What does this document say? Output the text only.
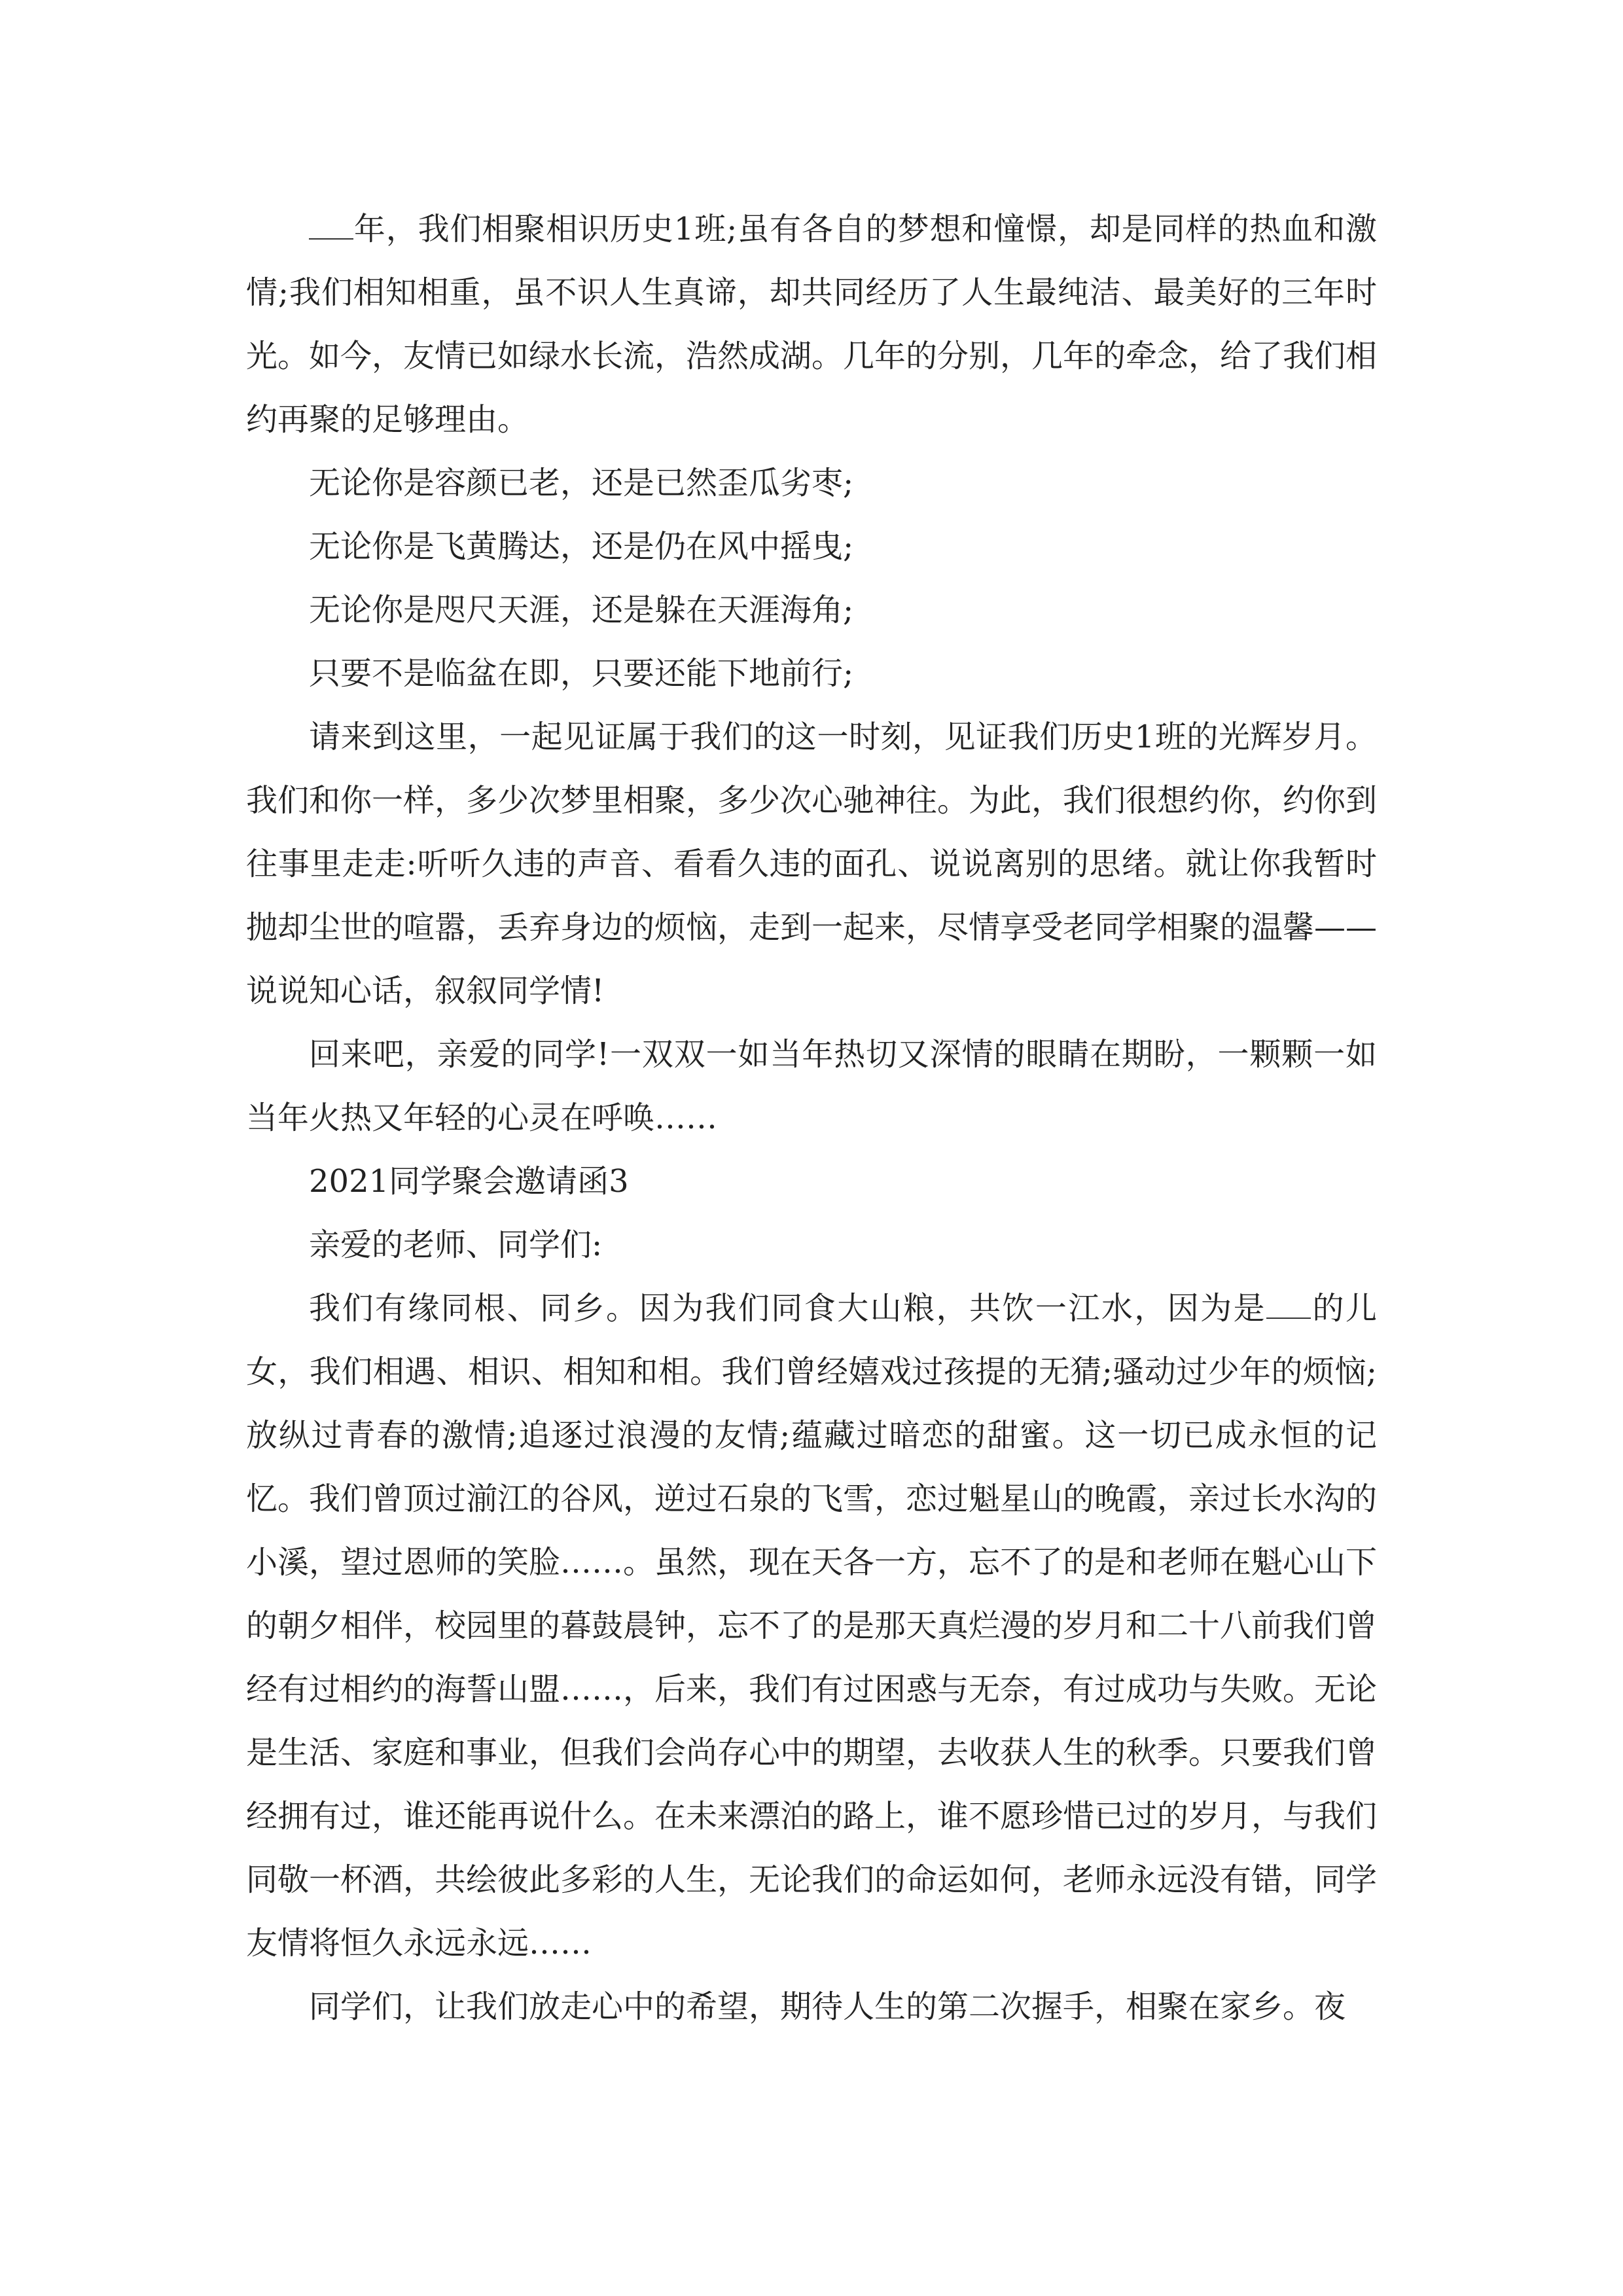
年，我们相聚相识历史1班;虽有各自的梦想和憧憬，却是同样的热血和激情;我们相知相重，虽不识人生真谛，却共同经历了人生最纯洁、最美好的三年时光。如今，友情已如绿水长流，浩然成湖。几年的分别，几年的牵念，给了我们相约再聚的足够理由。

无论你是容颜已老，还是已然歪瓜劣枣;

无论你是飞黄腾达，还是仍在风中摇曳;

无论你是咫尺天涯，还是躲在天涯海角;

只要不是临盆在即，只要还能下地前行;

请来到这里，一起见证属于我们的这一时刻，见证我们历史1班的光辉岁月。我们和你一样，多少次梦里相聚，多少次心驰神往。为此，我们很想约你，约你到往事里走走:听听久违的声音、看看久违的面孔、说说离别的思绪。就让你我暂时抛却尘世的喧嚣，丢弃身边的烦恼，走到一起来，尽情享受老同学相聚的温馨——说说知心话，叙叙同学情!

回来吧，亲爱的同学!一双双一如当年热切又深情的眼睛在期盼，一颗颗一如当年火热又年轻的心灵在呼唤……

2021同学聚会邀请函3

亲爱的老师、同学们:

我们有缘同根、同乡。因为我们同食大山粮，共饮一江水，因为是 的儿女，我们相遇、相识、相知和相。我们曾经嬉戏过孩提的无猜;骚动过少年的烦恼;放纵过青春的激情;追逐过浪漫的友情;蕴藏过暗恋的甜蜜。这一切已成永恒的记忆。我们曾顶过湔江的谷风，逆过石泉的飞雪，恋过魁星山的晚霞，亲过长水沟的小溪，望过恩师的笑脸……。虽然，现在天各一方，忘不了的是和老师在魁心山下的朝夕相伴，校园里的暮鼓晨钟，忘不了的是那天真烂漫的岁月和二十八前我们曾经有过相约的海誓山盟……，后来，我们有过困惑与无奈，有过成功与失败。无论是生活、家庭和事业，但我们会尚存心中的期望，去收获人生的秋季。只要我们曾经拥有过，谁还能再说什么。在未来漂泊的路上，谁不愿珍惜已过的岁月，与我们同敬一杯酒，共绘彼此多彩的人生，无论我们的命运如何，老师永远没有错，同学友情将恒久永远永远……

同学们，让我们放走心中的希望，期待人生的第二次握手，相聚在家乡。夜
